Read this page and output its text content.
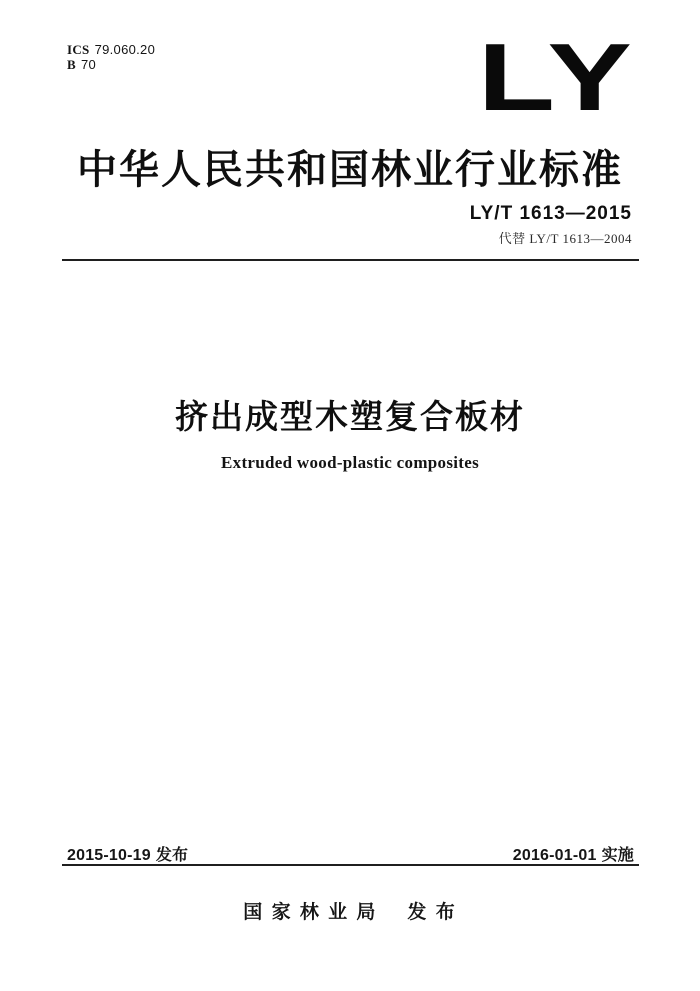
ICS 79.060.20
B 70	LY
中华人民共和国林业行业标准
LY/T 1613—2015
代替 LY/T 1613—2004
挤出成型木塑复合板材
Extruded wood-plastic composites
2015-10-19 发布	2016-01-01 实施
国 家 林 业 局 发 布
